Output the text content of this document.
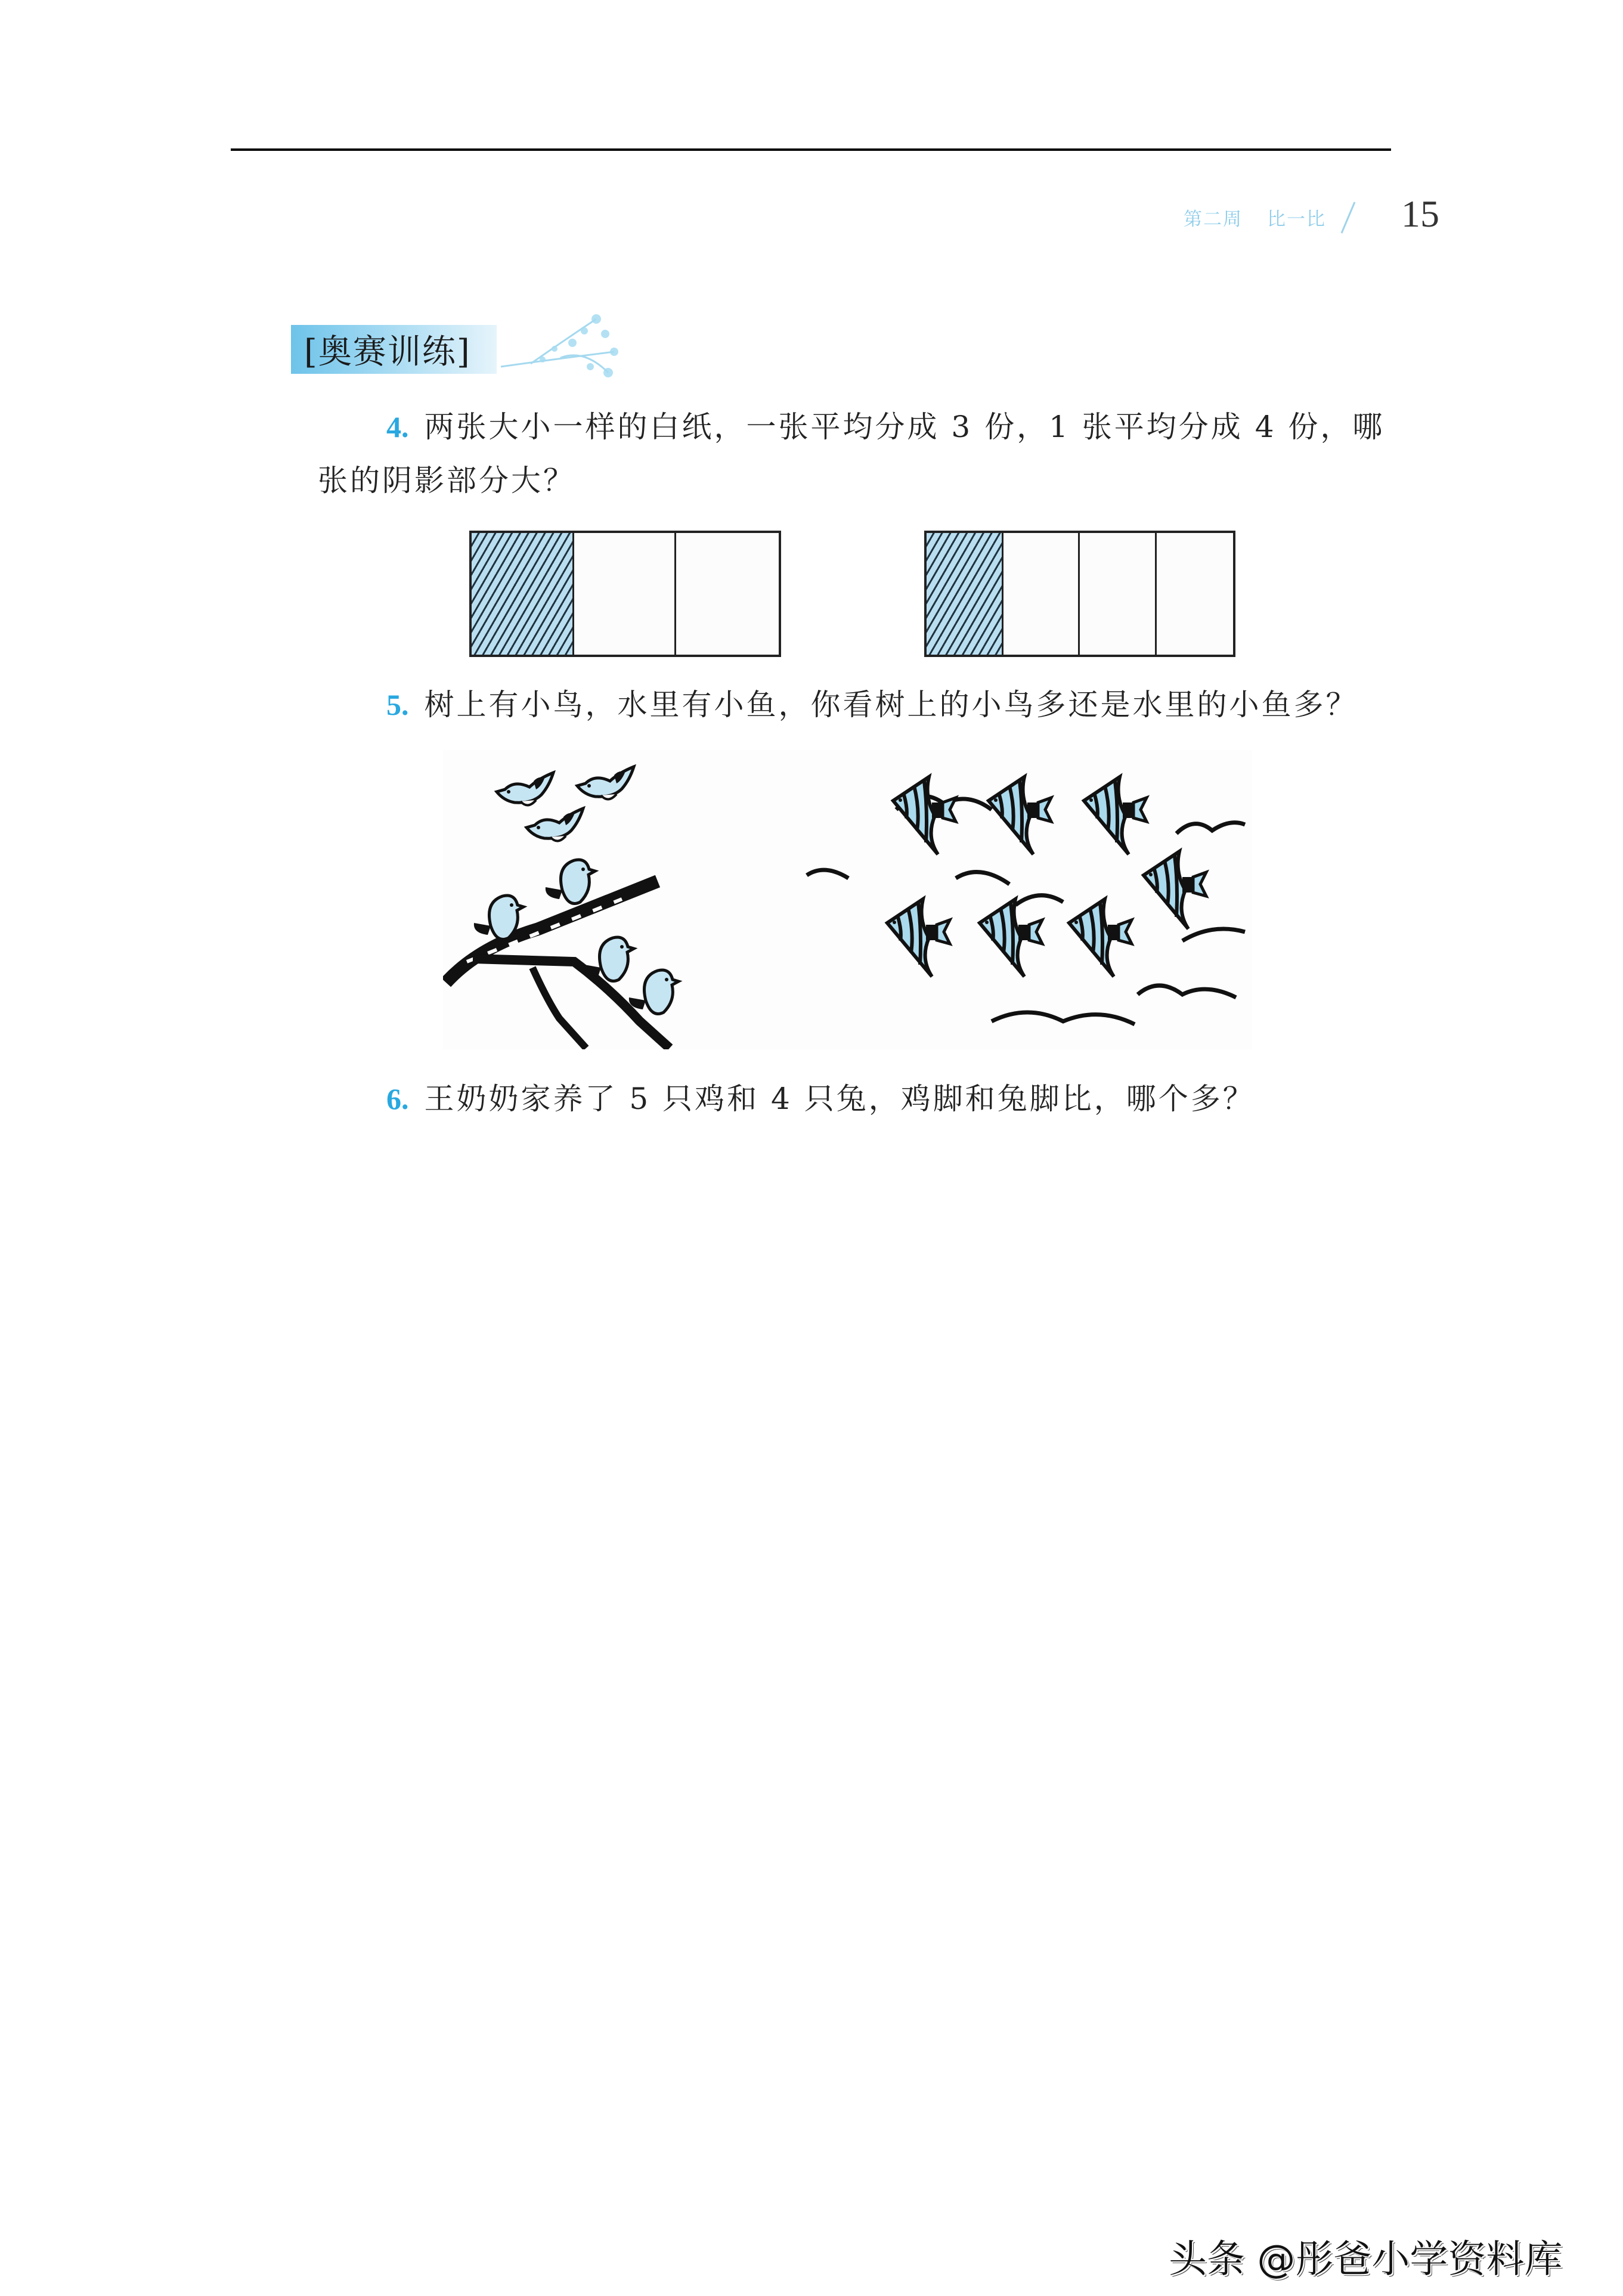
第二周 比一比 15
[奥赛训练]
4. 两张大小一样的白纸，一张平均分成 3 份，1 张平均分成 4 份，哪
张的阴影部分大？
5. 树上有小鸟，水里有小鱼，你看树上的小鸟多还是水里的小鱼多？
6. 王奶奶家养了 5 只鸡和 4 只兔，鸡脚和兔脚比，哪个多？
头条 @彤爸小学资料库
